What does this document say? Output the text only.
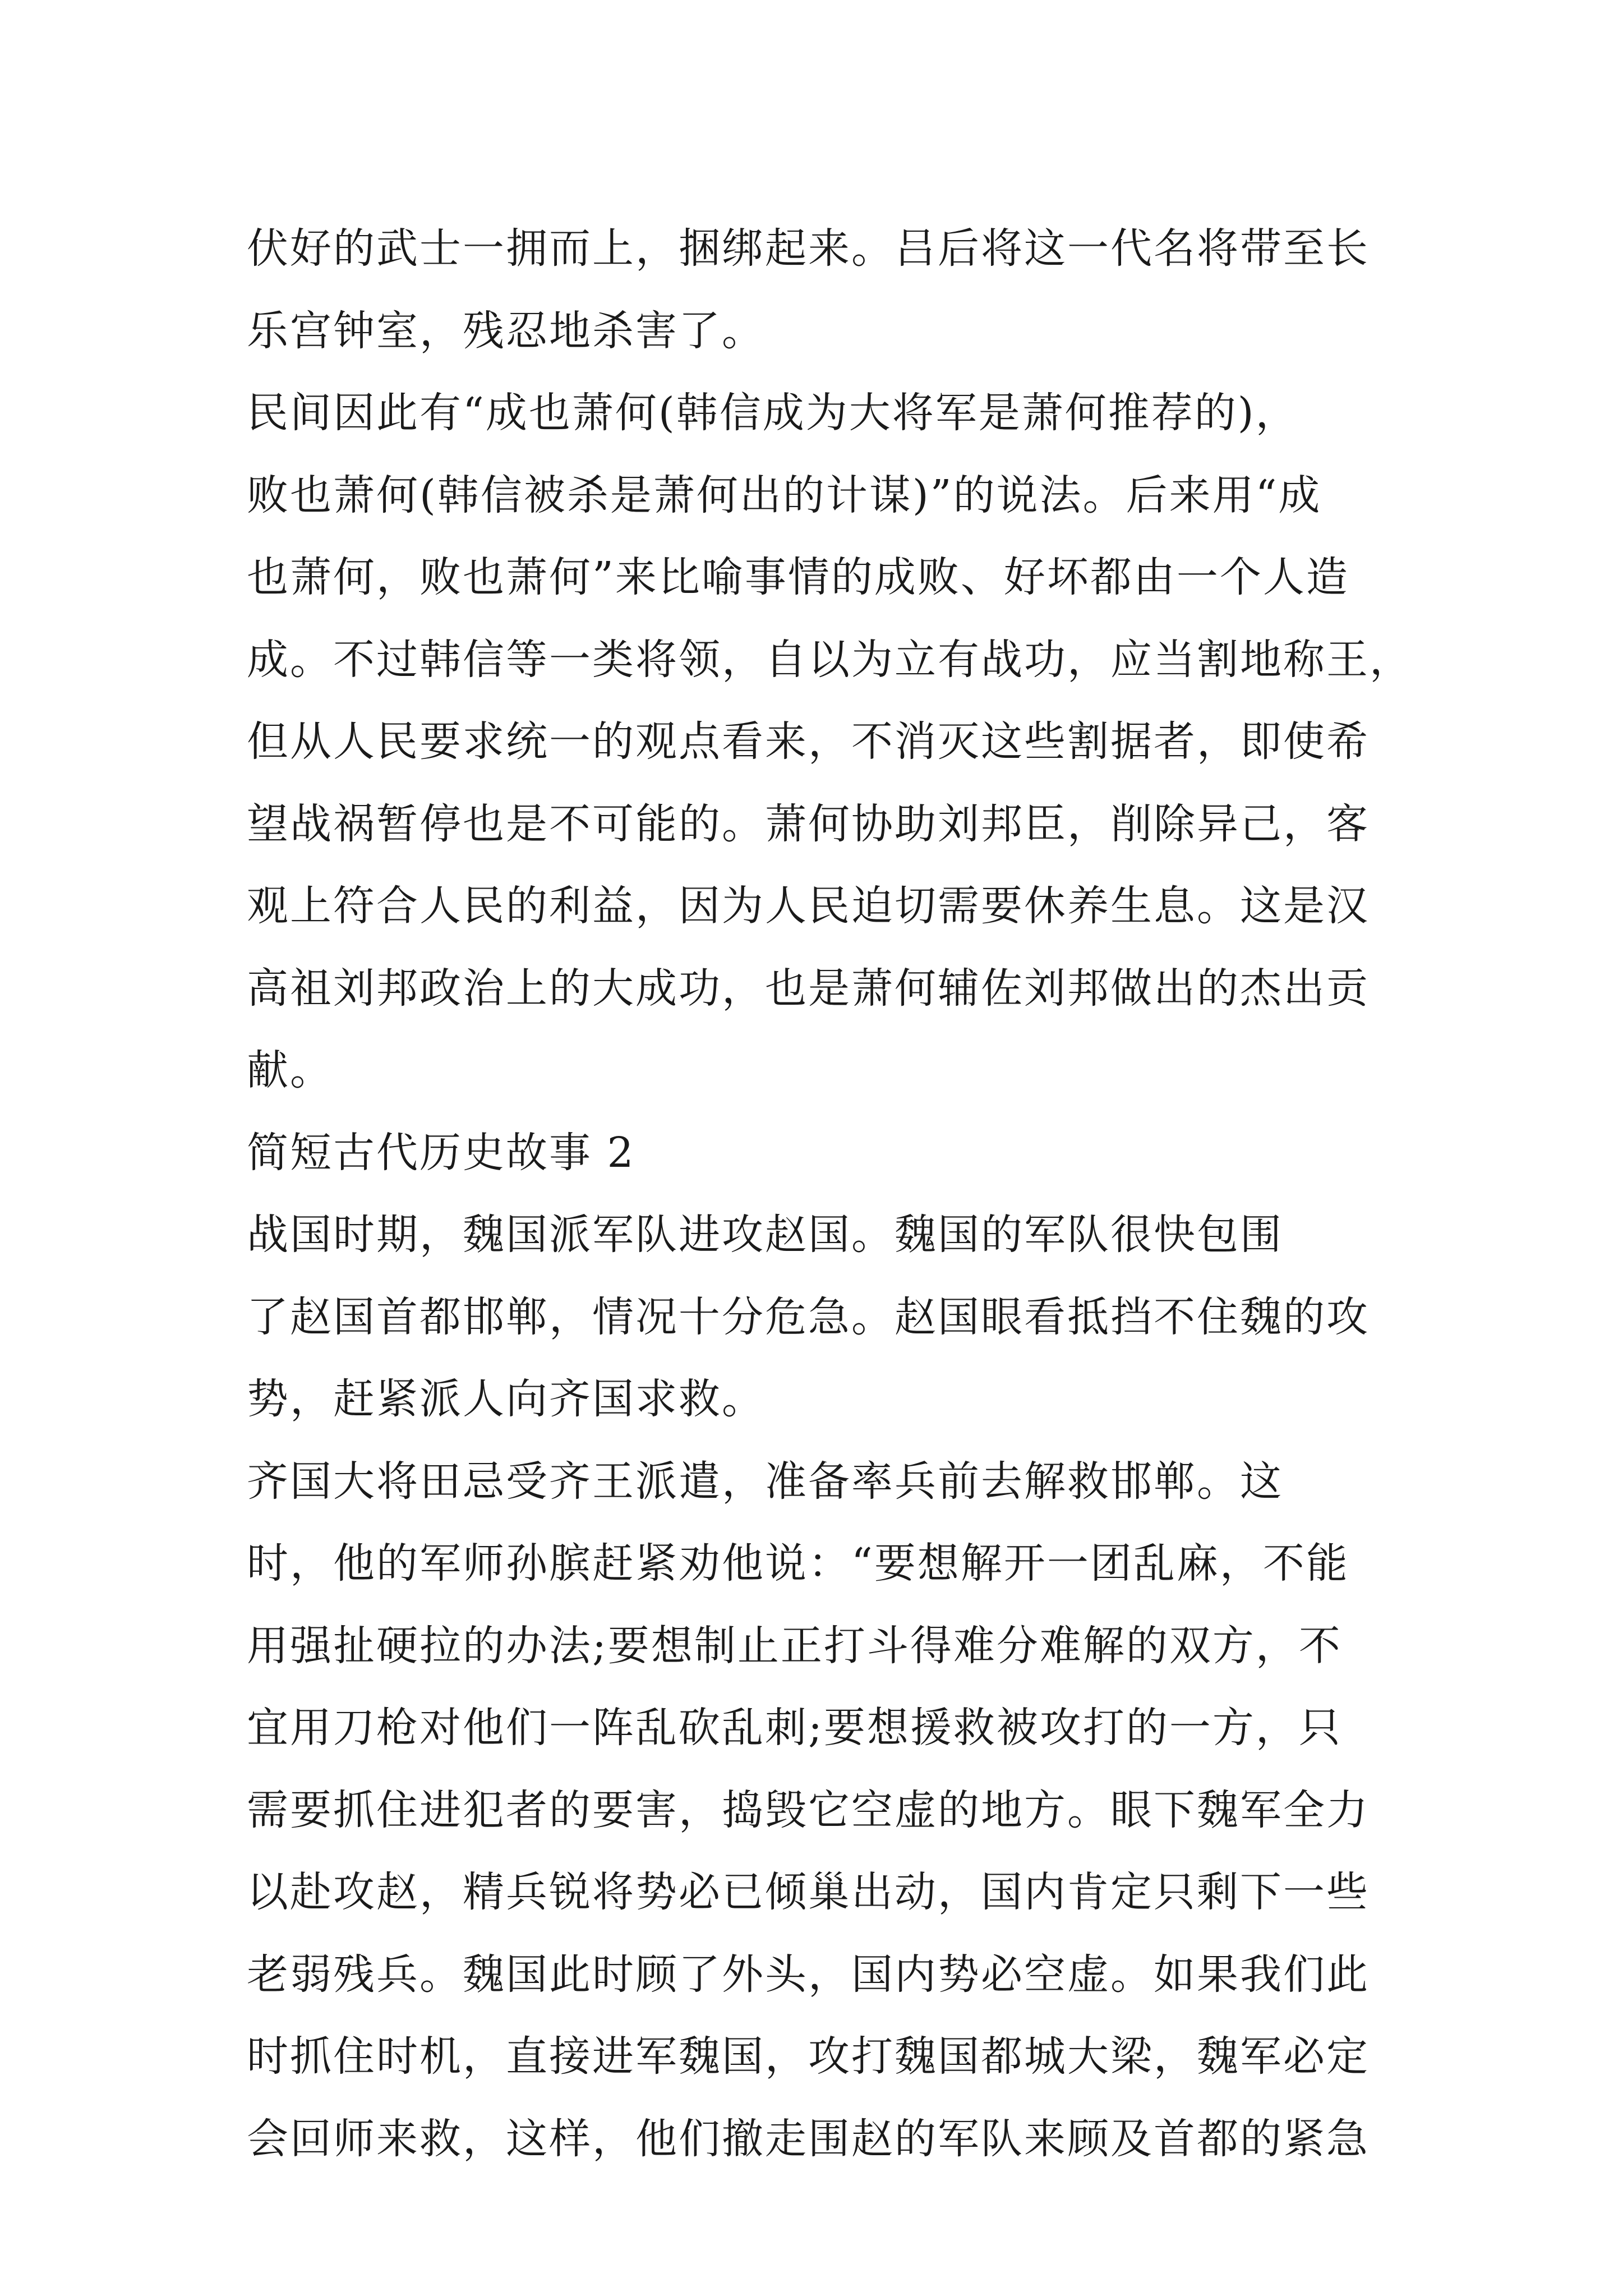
伏好的武士一拥而上，捆绑起来。吕后将这一代名将带至长
乐宫钟室，残忍地杀害了。
民间因此有“成也萧何(韩信成为大将军是萧何推荐的)，
败也萧何(韩信被杀是萧何出的计谋)”的说法。后来用“成
也萧何，败也萧何”来比喻事情的成败、好坏都由一个人造
成。不过韩信等一类将领，自以为立有战功，应当割地称王，
但从人民要求统一的观点看来，不消灭这些割据者，即使希
望战祸暂停也是不可能的。萧何协助刘邦臣，削除异己，客
观上符合人民的利益，因为人民迫切需要休养生息。这是汉
高祖刘邦政治上的大成功，也是萧何辅佐刘邦做出的杰出贡
献。
简短古代历史故事 2
战国时期，魏国派军队进攻赵国。魏国的军队很快包围
了赵国首都邯郸，情况十分危急。赵国眼看抵挡不住魏的攻
势，赶紧派人向齐国求救。
齐国大将田忌受齐王派遣，准备率兵前去解救邯郸。这
时，他的军师孙膑赶紧劝他说：“要想解开一团乱麻，不能
用强扯硬拉的办法;要想制止正打斗得难分难解的双方，不
宜用刀枪对他们一阵乱砍乱刺;要想援救被攻打的一方，只
需要抓住进犯者的要害，捣毁它空虚的地方。眼下魏军全力
以赴攻赵，精兵锐将势必已倾巢出动，国内肯定只剩下一些
老弱残兵。魏国此时顾了外头，国内势必空虚。如果我们此
时抓住时机，直接进军魏国，攻打魏国都城大梁，魏军必定
会回师来救，这样，他们撤走围赵的军队来顾及首都的紧急
